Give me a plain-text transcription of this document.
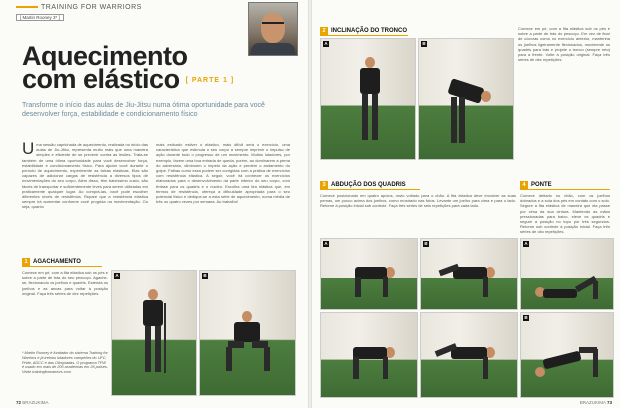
TRAINING FOR WARRIORS
[ Martin Rooney 3* ]
Aquecimento
com elástico [ PARTE 1 ]
Transforme o início das aulas de Jiu-Jitsu numa ótima oportunidade para você desenvolver força, estabilidade e condicionamento físico
Uma sessão caprichada de aquecimento, realizada no início das aulas de Jiu-Jitsu, representa muito mais que uma maneira simples e eficiente de se prevenir contra as lesões. Trata-se também de uma ótima oportunidade para você desenvolver força, estabilidade e condicionamento físico. Para ajudar você durante o período de aquecimento, experimente as faixas elásticas. Elas são capazes de adicionar cargas de resistência a diversos tipos de movimentações do seu corpo. Além disso, têm baixíssimo custo, são fáceis de transportar e suficientemente leves para serem utilizadas em praticamente qualquer lugar. Ao comprá-las, você pode escolher diferentes níveis de resistência. Repare que a resistência elástica sempre irá aumentar conforme você progrida na movimentação. Ou seja, quanto
mais esticado estiver o elástico, mais difícil será o exercício, uma característica que estimula o seu corpo a sempre imprimir o impulso de ação durante todo o progresso de um movimento. Muitos lutadores, por exemplo, fazem uma boa entrada de queda, porém, ao dominarem a perna do adversário, diminuem o ímpeto da ação e perdem o andamento do golpe. Falhas como essa podem ser corrigidas com a prática de exercícios com resistência elástica. A seguir, você irá conhecer os exercícios elaborados para o desenvolvimento da parte inferior do seu corpo, com ênfase para os quadris e o núcleo. Escolha uma tira elástica que, em termos de resistência, ofereça a dificuldade apropriada para o seu potencial físico e dedique-se a esta série de aquecimento, numa média de três ou quatro vezes por semana. Ao trabalho!
1 AGACHAMENTO
Comece em pé, com a fita elástica sob os pés e sobre a parte de trás do seu pescoço. Agache-se, flexionando os joelhos e quadris. Estenda os joelhos e as ancas para voltar à posição original. Faça três séries de dez repetições.
A	B
* Martin Rooney é fundador do sistema Training for Warriors e já treinou lutadores campeões do UFC, Pride, ADCC e das Olimpíadas. O programa TFW é usado em mais de 200 academias em 26 países. Visite trainingforwarriors.com
72 BRAZUKIMA
2 INCLINAÇÃO DO TRONCO
A	B
Comece em pé, com a fita elástica sob os pés e sobre a parte de trás do pescoço. Em vez de ficar de cócoras como no exercício anterior, mantenha os joelhos ligeiramente flexionados, movimente os quadris para trás e projete o tronco (sempre reto) para a frente. Volte à posição original. Faça três séries de dez repetições.
3 ABDUÇÃO DOS QUADRIS
Comece posicionado em quatro apoios, rosto voltado para o chão. A fita elástica deve envolver as suas pernas, um pouco acima dos joelhos, como mostrado nas fotos. Levante um joelho para cima e para o lado. Retorne à posição inicial sob controle. Faça três séries de seis repetições para cada lado.
A	B
4 PONTE
Comece deitado no chão, com os joelhos dobrados e a sola dos pés em contato com o solo. Segure a fita elástica de maneira que ela passe por cima da sua cintura. Mantendo as mãos pressionadas para baixo, eleve os quadris e segure a posição no topo por três segundos. Retorne sob controle à posição inicial. Faça três séries de oito repetições.
A
B
BRAZUKIMA 73
